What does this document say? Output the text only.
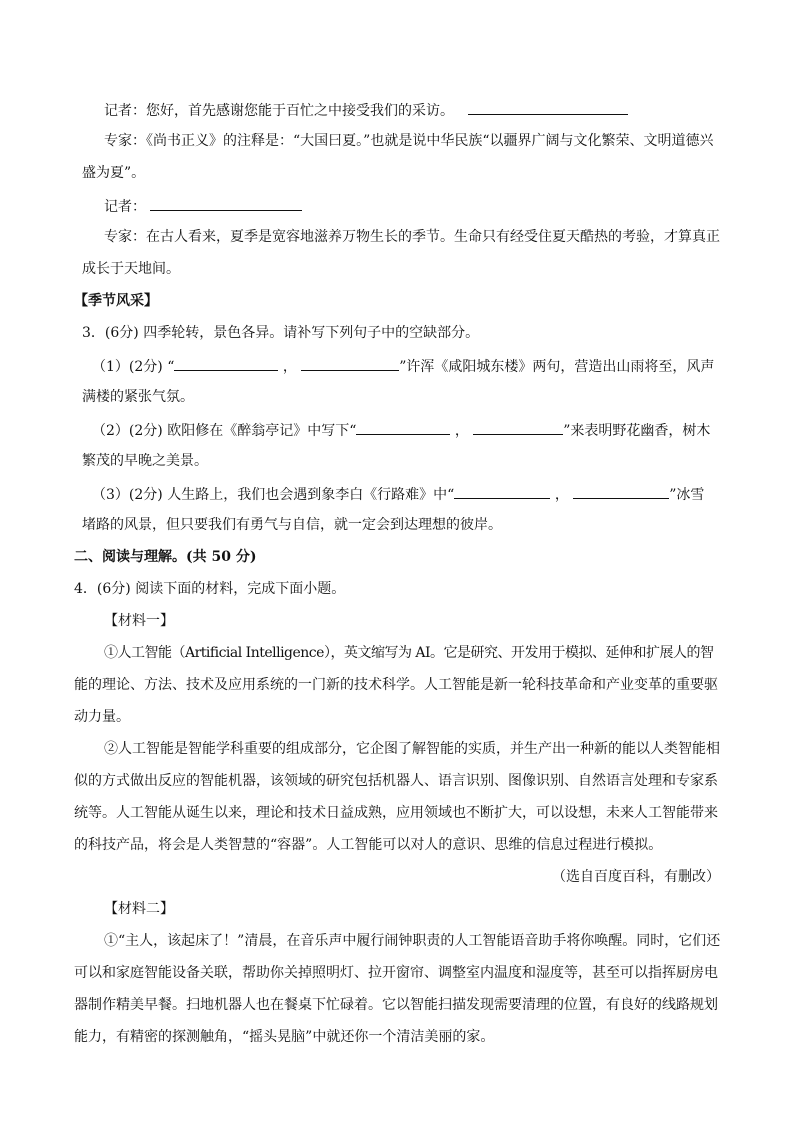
记者：您好，首先感谢您能于百忙之中接受我们的采访。
专家：《尚书正义》的注释是：“大国曰夏。”也就是说中华民族“以疆界广阔与文化繁荣、文明道德兴
盛为夏”。
记者：
专家：在古人看来，夏季是宽容地滋养万物生长的季节。生命只有经受住夏天酷热的考验，才算真正
成长于天地间。
【季节风采】
3．(6分) 四季轮转，景色各异。请补写下列句子中的空缺部分。
（1）(2分) “	，	”许浑《咸阳城东楼》两句，营造出山雨将至，风声
满楼的紧张气氛。
（2）(2分) 欧阳修在《醉翁亭记》中写下“	，	”来表明野花幽香，树木
繁茂的早晚之美景。
（3）(2分) 人生路上，我们也会遇到象李白《行路难》中“	，	”冰雪
堵路的风景，但只要我们有勇气与自信，就一定会到达理想的彼岸。
二、阅读与理解。(共 50 分)
4．(6分) 阅读下面的材料，完成下面小题。
【材料一】
①人工智能（Artificial Intelligence），英文缩写为 AI。它是研究、开发用于模拟、延伸和扩展人的智
能的理论、方法、技术及应用系统的一门新的技术科学。人工智能是新一轮科技革命和产业变革的重要驱
动力量。
②人工智能是智能学科重要的组成部分，它企图了解智能的实质，并生产出一种新的能以人类智能相
似的方式做出反应的智能机器，该领域的研究包括机器人、语言识别、图像识别、自然语言处理和专家系
统等。人工智能从诞生以来，理论和技术日益成熟，应用领域也不断扩大，可以设想，未来人工智能带来
的科技产品，将会是人类智慧的“容器”。人工智能可以对人的意识、思维的信息过程进行模拟。
（选自百度百科，有删改）
【材料二】
①“主人，该起床了！”清晨，在音乐声中履行闹钟职责的人工智能语音助手将你唤醒。同时，它们还
可以和家庭智能设备关联，帮助你关掉照明灯、拉开窗帘、调整室内温度和湿度等，甚至可以指挥厨房电
器制作精美早餐。扫地机器人也在餐桌下忙碌着。它以智能扫描发现需要清理的位置，有良好的线路规划
能力，有精密的探测触角，“摇头晃脑”中就还你一个清洁美丽的家。
